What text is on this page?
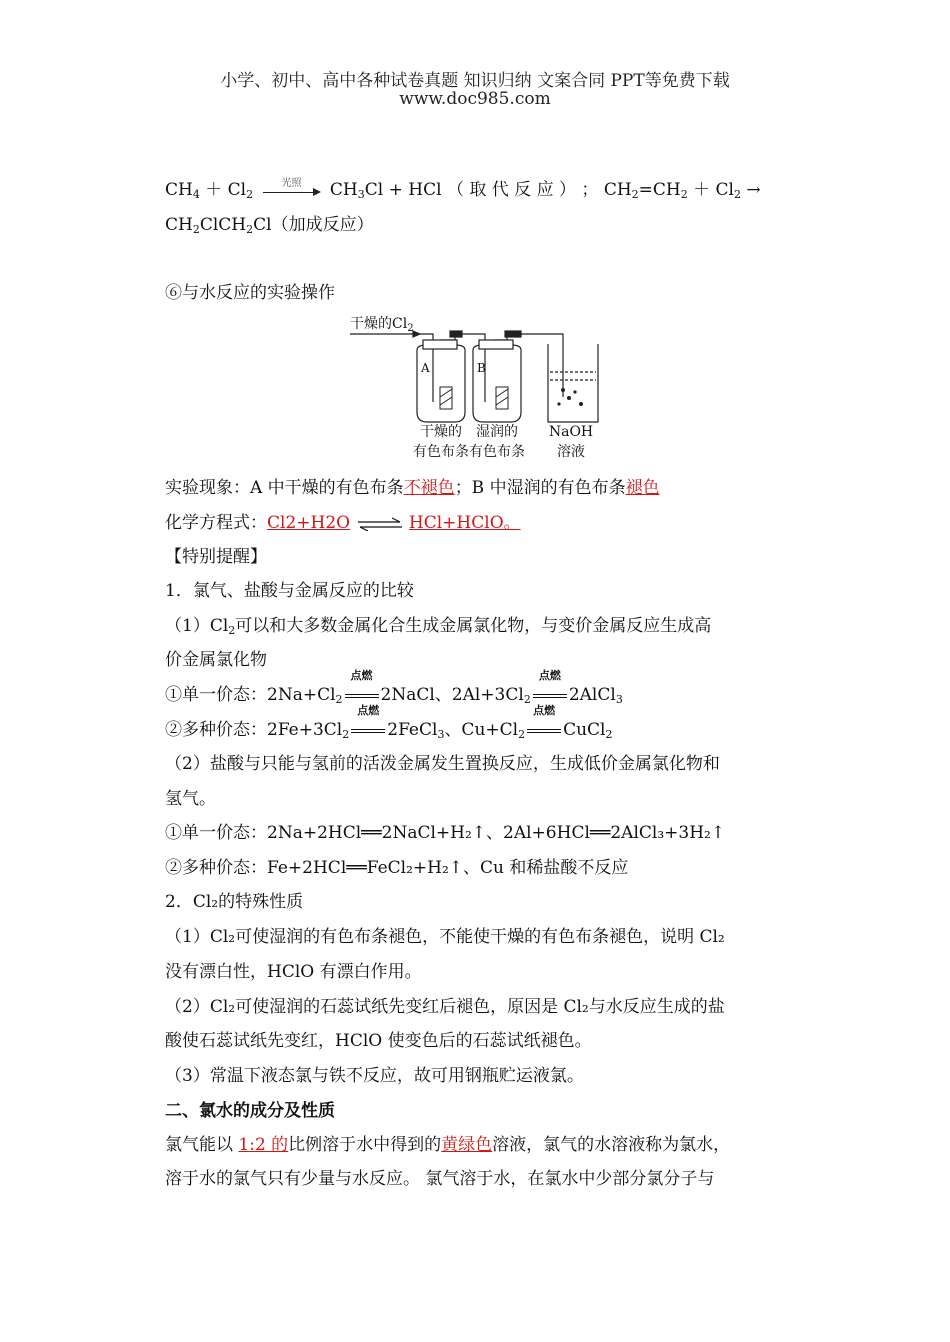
小学、初中、高中各种试卷真题 知识归纳 文案合同 PPT等免费下载
www.doc985.com
$CH_4 + Cl_2$
光照	$CH_3Cl$ + HCl （ 取 代 反 应 ） ； $CH_2=CH_2 + Cl_2$ →
$CH_2ClCH_2Cl$（加成反应）
⑥与水反应的实验操作
干燥的$Cl_2$
A	B
干燥的
有色布条
湿润的
有色布条
NaOH
溶液
实验现象：A 中干燥的有色布条不褪色；B 中湿润的有色布条褪色
化学方程式：Cl2+H2O ⇌ HCl+HClO。
【特别提醒】
1．氯气、盐酸与金属反应的比较
$(1)Cl_2$可以和大多数金属化合生成金属氯化物，与变价金属反应生成高
价金属氯化物
①单一价态：$2Na+Cl_2$
点燃
2NaCl、$2Al+3Cl_2$
点燃
2AlCl$_3$
②多种价态：$2Fe+3Cl_2$
点燃
2FeCl$_3$、$Cu+Cl_2$
点燃
CuCl$_2$
（2）盐酸与只能与氢前的活泼金属发生置换反应，生成低价金属氯化物和
氢气。
①单一价态：2Na+2HCl══2NaCl+H₂↑、2Al+6HCl══2AlCl₃+3H₂↑
②多种价态：Fe+2HCl══FeCl₂+H₂↑、Cu 和稀盐酸不反应
2．Cl₂的特殊性质
（1）Cl₂可使湿润的有色布条褪色，不能使干燥的有色布条褪色，说明 Cl₂
没有漂白性，HClO 有漂白作用。
（2）Cl₂可使湿润的石蕊试纸先变红后褪色，原因是 Cl₂与水反应生成的盐
酸使石蕊试纸先变红，HClO 使变色后的石蕊试纸褪色。
（3）常温下液态氯与铁不反应，故可用钢瓶贮运液氯。
二、氯水的成分及性质
氯气能以 1:2 的比例溶于水中得到的黄绿色溶液，氯气的水溶液称为氯水，
溶于水的氯气只有少量与水反应。 氯气溶于水，在氯水中少部分氯分子与
